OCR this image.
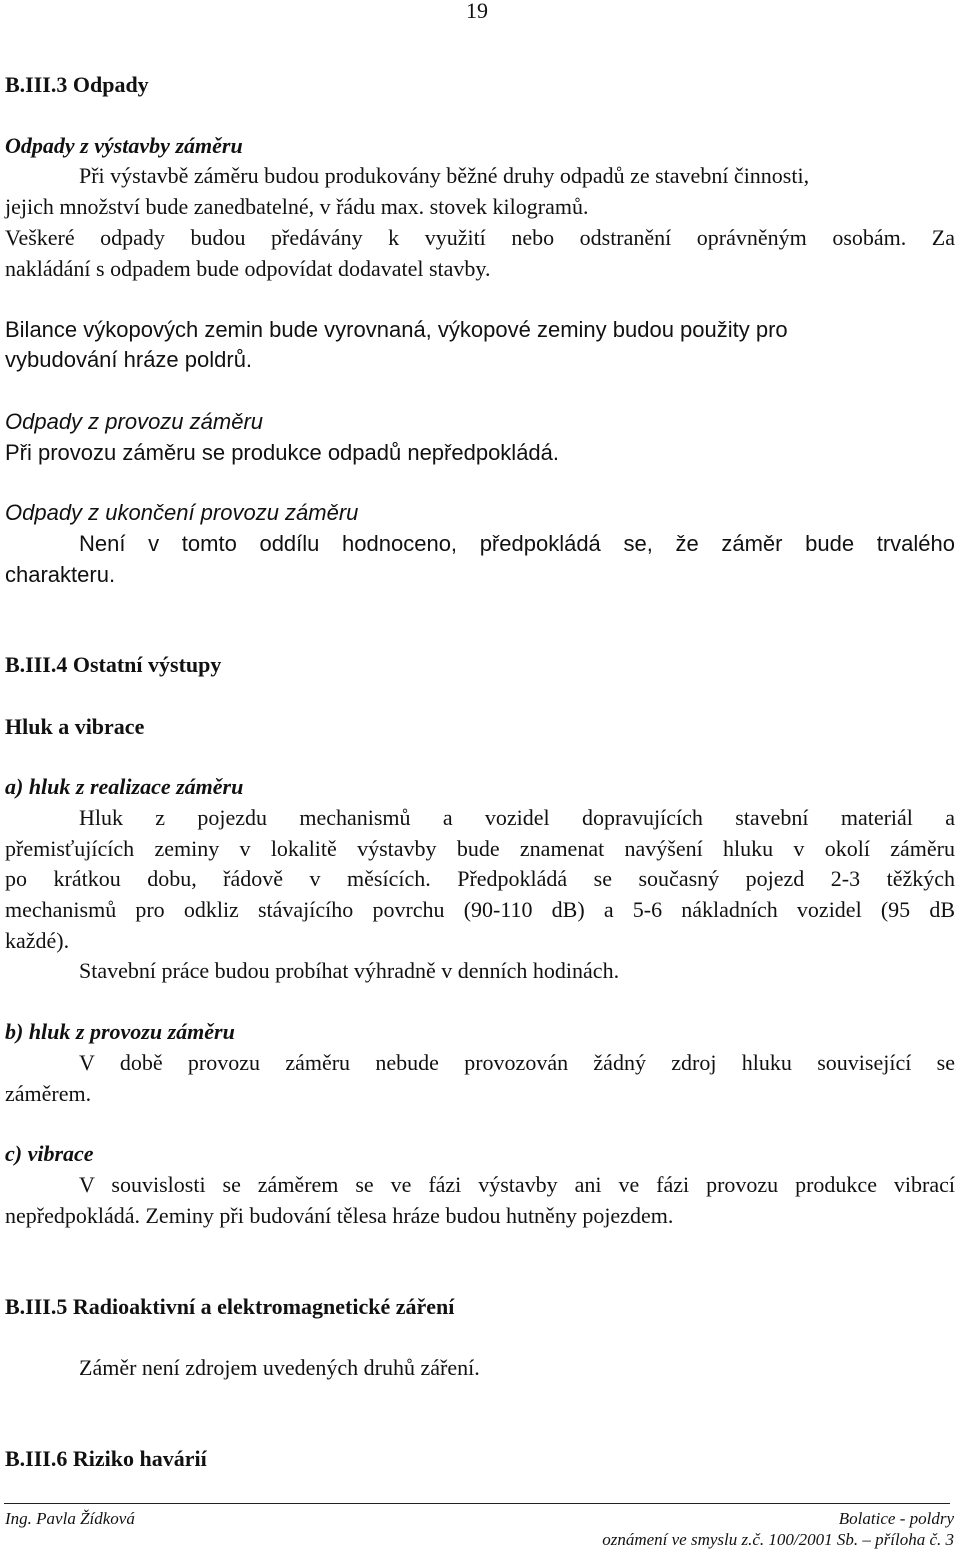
19
B.III.3 Odpady
Odpady z výstavby záměru
Při výstavbě záměru budou produkovány běžné druhy odpadů ze stavební činnosti,
jejich množství bude zanedbatelné, v řádu max. stovek kilogramů.
Veškeré odpady budou předávány k využití nebo odstranění oprávněným osobám. Za
nakládání s odpadem bude odpovídat dodavatel stavby.
Bilance výkopových zemin bude vyrovnaná, výkopové zeminy budou použity pro
vybudování hráze poldrů.
Odpady z provozu záměru
Při provozu záměru se produkce odpadů nepředpokládá.
Odpady z ukončení provozu záměru
Není v tomto oddílu hodnoceno, předpokládá se, že záměr bude trvalého
charakteru.
B.III.4 Ostatní výstupy
Hluk a vibrace
a) hluk z realizace záměru
Hluk z pojezdu mechanismů a vozidel dopravujících stavební materiál a
přemisťujících zeminy v lokalitě výstavby bude znamenat navýšení hluku v okolí záměru
po krátkou dobu, řádově v měsících. Předpokládá se současný pojezd 2-3 těžkých
mechanismů pro odkliz stávajícího povrchu (90-110 dB) a 5-6 nákladních vozidel (95 dB
každé).
Stavební práce budou probíhat výhradně v denních hodinách.
b) hluk z provozu záměru
V době provozu záměru nebude provozován žádný zdroj hluku související se
záměrem.
c) vibrace
V souvislosti se záměrem se ve fázi výstavby ani ve fázi provozu produkce vibrací
nepředpokládá. Zeminy při budování tělesa hráze budou hutněny pojezdem.
B.III.5 Radioaktivní a elektromagnetické záření
Záměr není zdrojem uvedených druhů záření.
B.III.6 Riziko havárií
Ing. Pavla Žídková	Bolatice - poldry
oznámení ve smyslu z.č. 100/2001 Sb. – příloha č. 3
